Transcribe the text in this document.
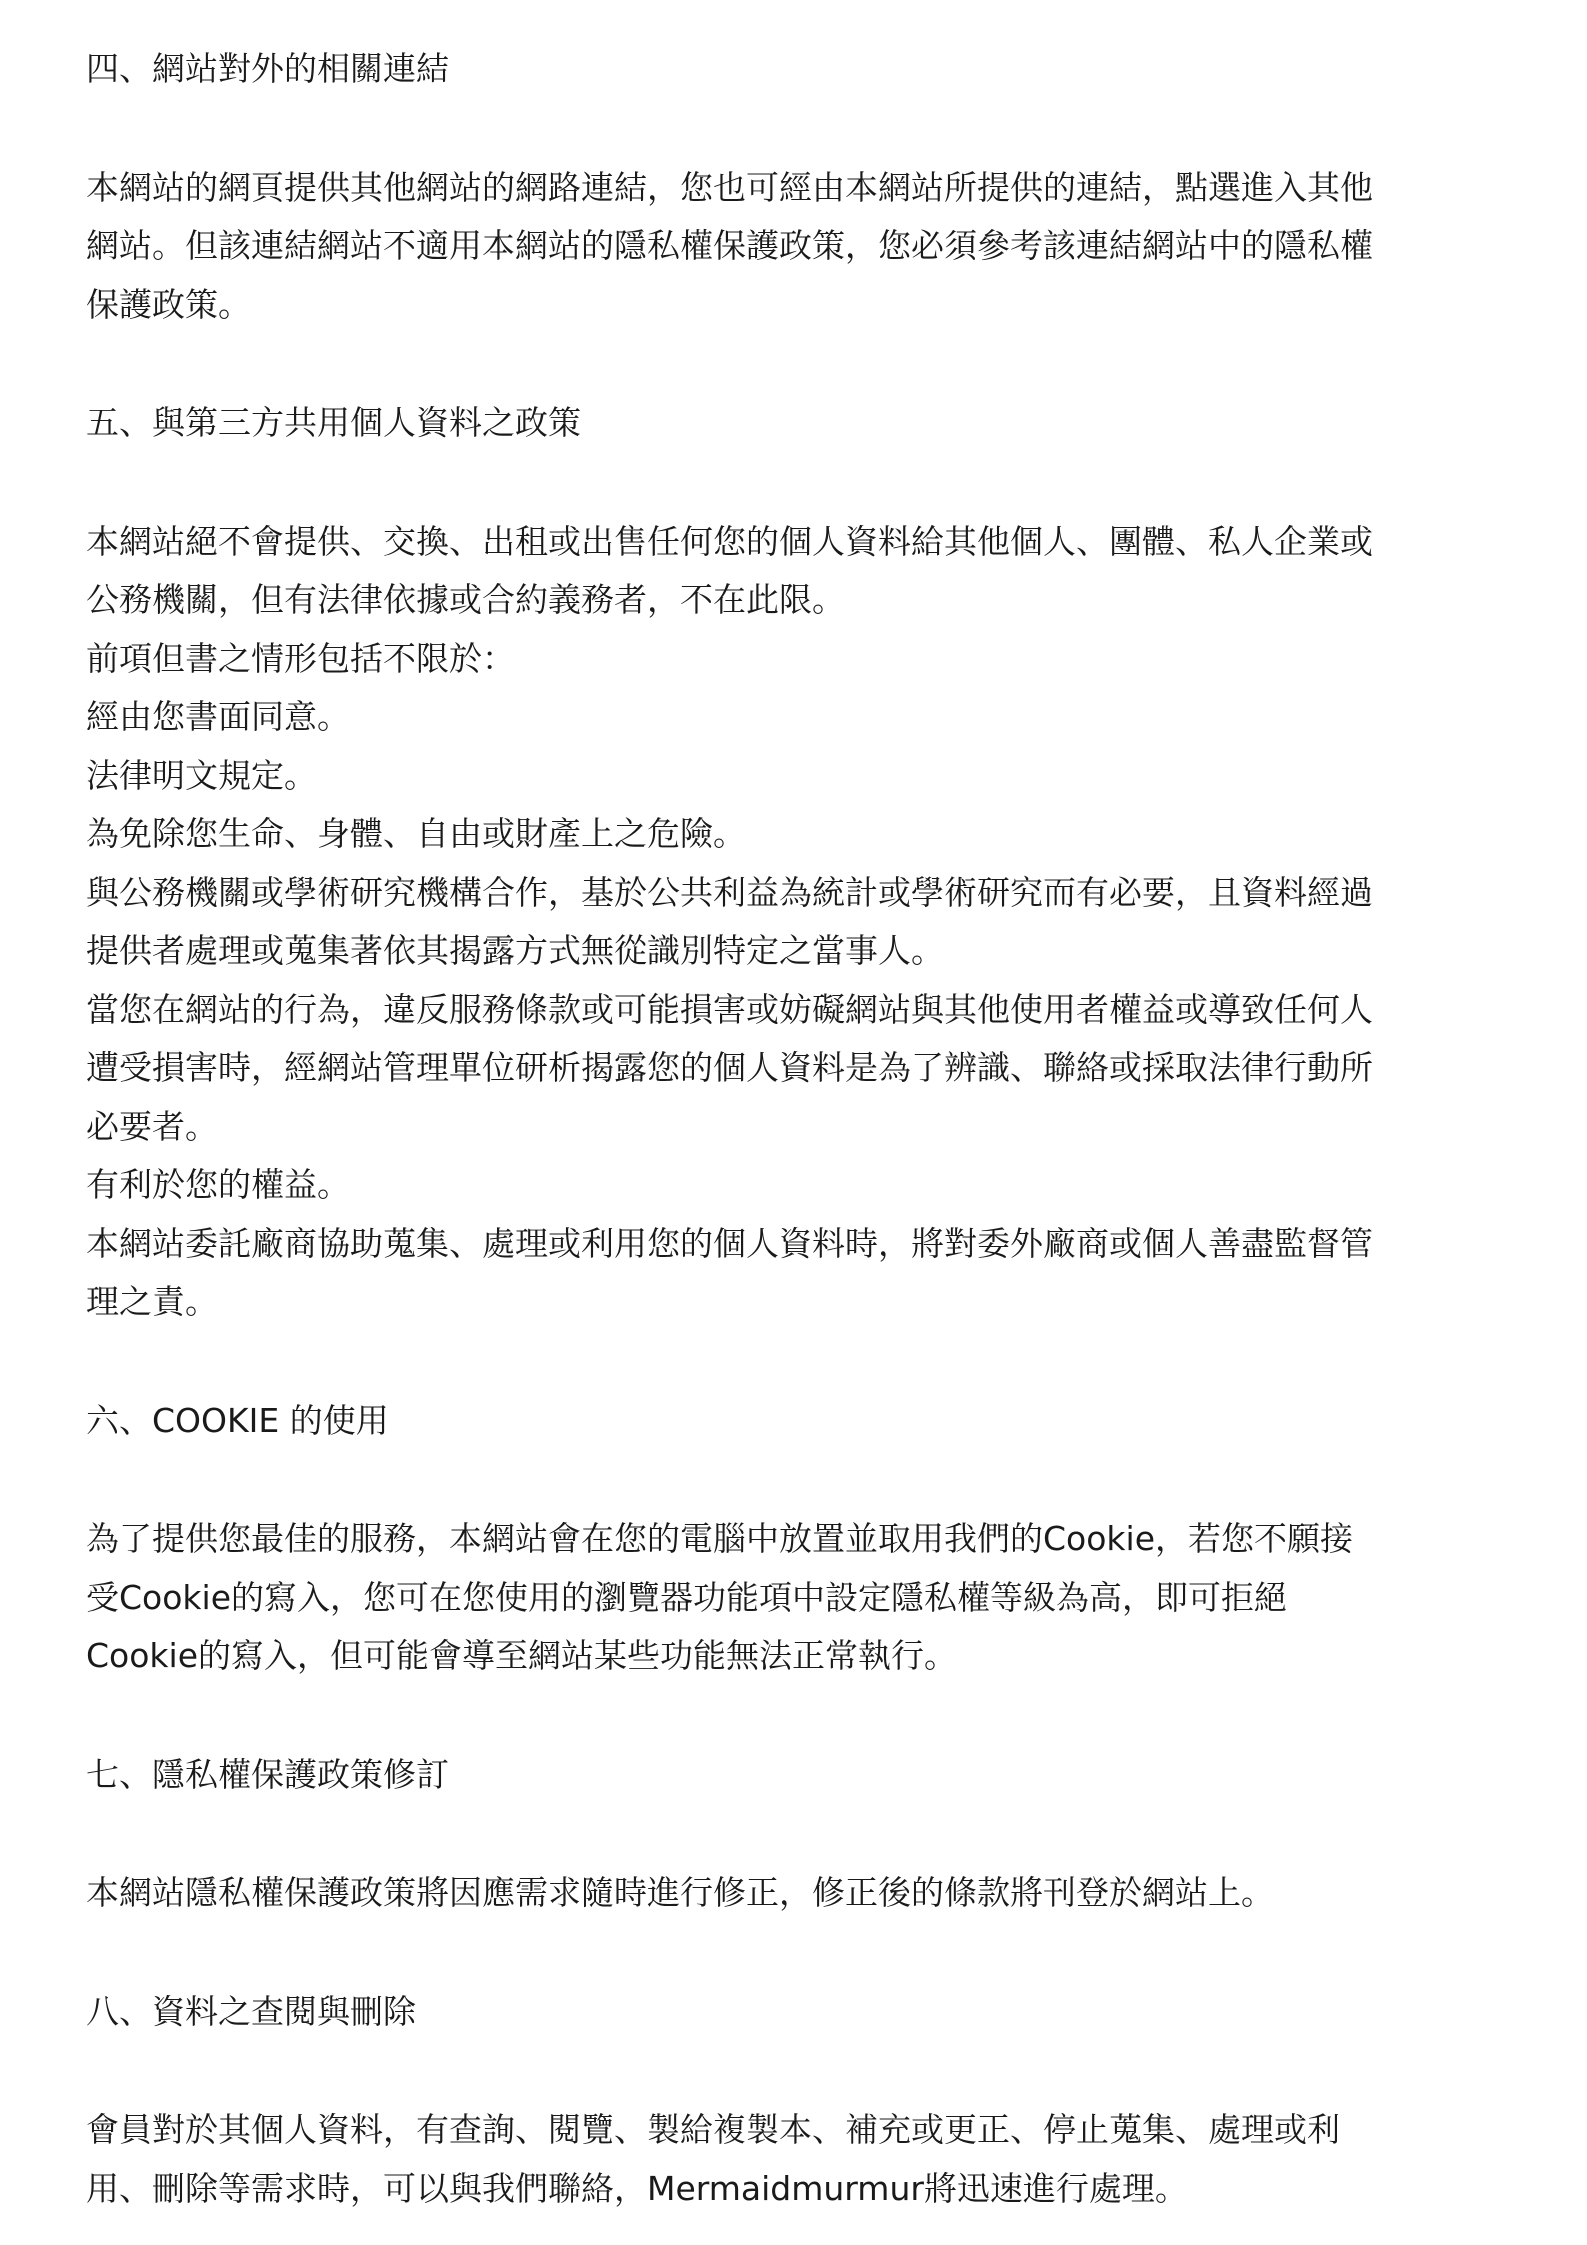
四、網站對外的相關連結
本網站的網頁提供其他網站的網路連結，您也可經由本網站所提供的連結，點選進入其他
網站。但該連結網站不適用本網站的隱私權保護政策，您必須參考該連結網站中的隱私權
保護政策。
五、與第三方共用個人資料之政策
本網站絕不會提供、交換、出租或出售任何您的個人資料給其他個人、團體、私人企業或
公務機關，但有法律依據或合約義務者，不在此限。
前項但書之情形包括不限於：
經由您書面同意。
法律明文規定。
為免除您生命、身體、自由或財產上之危險。
與公務機關或學術研究機構合作，基於公共利益為統計或學術研究而有必要，且資料經過
提供者處理或蒐集著依其揭露方式無從識別特定之當事人。
當您在網站的行為，違反服務條款或可能損害或妨礙網站與其他使用者權益或導致任何人
遭受損害時，經網站管理單位研析揭露您的個人資料是為了辨識、聯絡或採取法律行動所
必要者。
有利於您的權益。
本網站委託廠商協助蒐集、處理或利用您的個人資料時，將對委外廠商或個人善盡監督管
理之責。
六、COOKIE 的使用
為了提供您最佳的服務，本網站會在您的電腦中放置並取用我們的Cookie，若您不願接
受Cookie的寫入，您可在您使用的瀏覽器功能項中設定隱私權等級為高，即可拒絕
Cookie的寫入，但可能會導至網站某些功能無法正常執行。
七、隱私權保護政策修訂
本網站隱私權保護政策將因應需求隨時進行修正，修正後的條款將刊登於網站上。
八、資料之查閱與刪除
會員對於其個人資料，有查詢、閱覽、製給複製本、補充或更正、停止蒐集、處理或利
用、刪除等需求時，可以與我們聯絡，Mermaidmurmur將迅速進行處理。
